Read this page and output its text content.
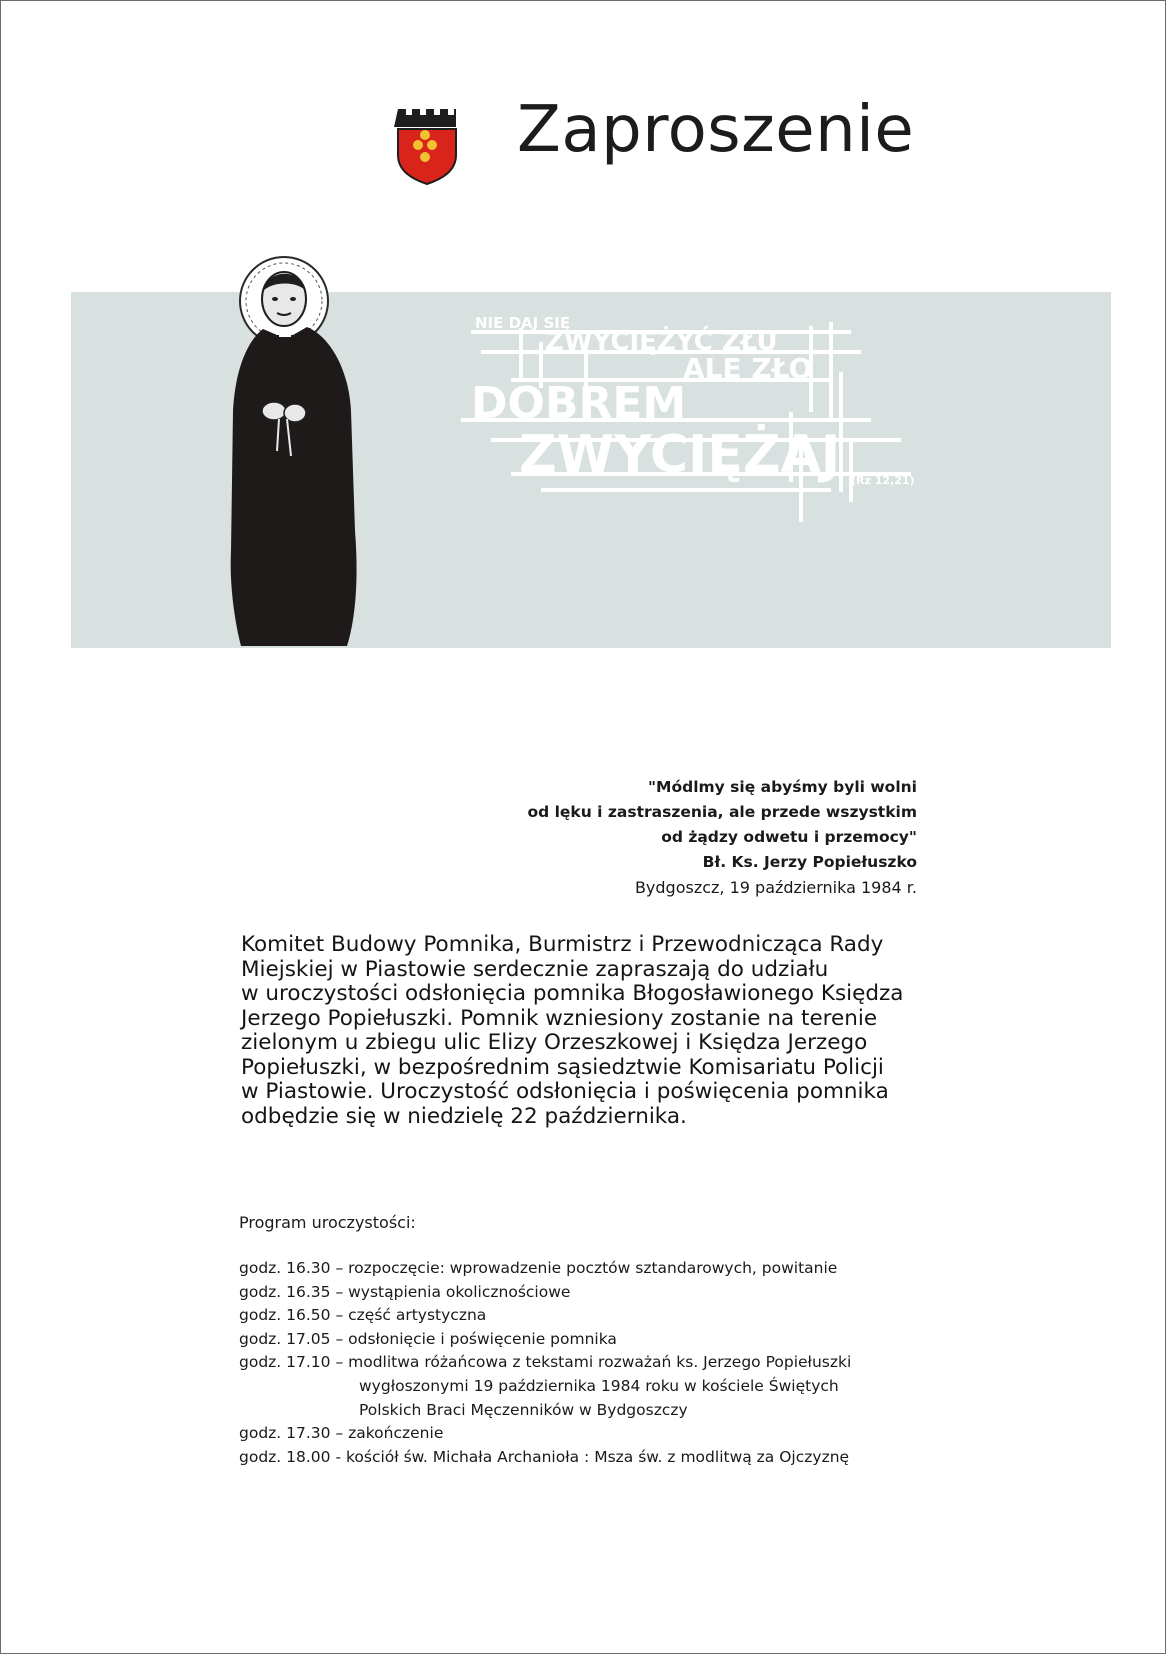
Zaproszenie
NIE DAJ SIĘ
ZWYCIĘŻYĆ ZŁU
ALE ZŁO
DOBREM
ZWYCIĘŻAJ (Rz 12,21)
"Módlmy się abyśmy byli wolni
od lęku i zastraszenia, ale przede wszystkim
od żądzy odwetu i przemocy"
Bł. Ks. Jerzy Popiełuszko
Bydgoszcz, 19 października 1984 r.
Komitet Budowy Pomnika, Burmistrz i Przewodnicząca Rady
Miejskiej w Piastowie serdecznie zapraszają do udziału
w uroczystości odsłonięcia pomnika Błogosławionego Księdza
Jerzego Popiełuszki. Pomnik wzniesiony zostanie na terenie
zielonym u zbiegu ulic Elizy Orzeszkowej i Księdza Jerzego
Popiełuszki, w bezpośrednim sąsiedztwie Komisariatu Policji
w Piastowie. Uroczystość odsłonięcia i poświęcenia pomnika
odbędzie się w niedzielę 22 października.
Program uroczystości:
godz. 16.30 – rozpoczęcie: wprowadzenie pocztów sztandarowych, powitanie
godz. 16.35 – wystąpienia okolicznościowe
godz. 16.50 – część artystyczna
godz. 17.05 – odsłonięcie i poświęcenie pomnika
godz. 17.10 – modlitwa różańcowa z tekstami rozważań ks. Jerzego Popiełuszki
wygłoszonymi 19 października 1984 roku w kościele Świętych
Polskich Braci Męczenników w Bydgoszczy
godz. 17.30 – zakończenie
godz. 18.00 - kościół św. Michała Archanioła : Msza św. z modlitwą za Ojczyznę
